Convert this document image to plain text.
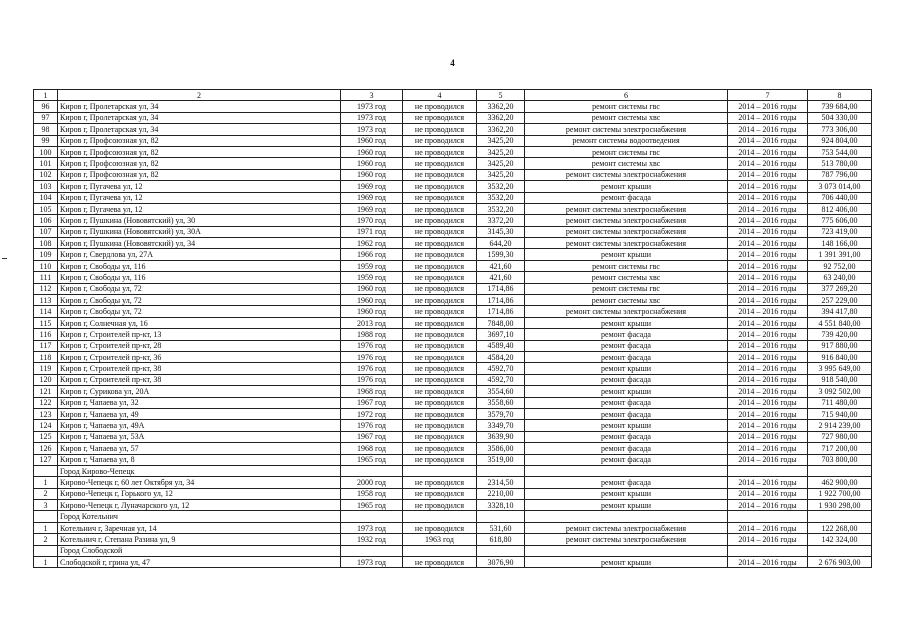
4
1	2	3	4	5	6	7	8
96	Киров г, Пролетарская ул, 34	1973 год	не проводился	3362,20	ремонт системы гвс	2014 – 2016 годы	739 684,00
97	Киров г, Пролетарская ул, 34	1973 год	не проводился	3362,20	ремонт системы хвс	2014 – 2016 годы	504 330,00
98	Киров г, Пролетарская ул, 34	1973 год	не проводился	3362,20	ремонт системы электроснабжения	2014 – 2016 годы	773 306,00
99	Киров г, Профсоюзная ул, 82	1960 год	не проводился	3425,20	ремонт системы водоотведения	2014 – 2016 годы	924 804,00
100	Киров г, Профсоюзная ул, 82	1960 год	не проводился	3425,20	ремонт системы гвс	2014 – 2016 годы	753 544,00
101	Киров г, Профсоюзная ул, 82	1960 год	не проводился	3425,20	ремонт системы хвс	2014 – 2016 годы	513 780,00
102	Киров г, Профсоюзная ул, 82	1960 год	не проводился	3425,20	ремонт системы электроснабжения	2014 – 2016 годы	787 796,00
103	Киров г, Пугачева ул, 12	1969 год	не проводился	3532,20	ремонт крыши	2014 – 2016 годы	3 073 014,00
104	Киров г, Пугачева ул, 12	1969 год	не проводился	3532,20	ремонт фасада	2014 – 2016 годы	706 440,00
105	Киров г, Пугачева ул, 12	1969 год	не проводился	3532,20	ремонт системы электроснабжения	2014 – 2016 годы	812 406,00
106	Киров г, Пушкина (Нововятский) ул, 30	1970 год	не проводился	3372,20	ремонт системы электроснабжения	2014 – 2016 годы	775 606,00
107	Киров г, Пушкина (Нововятский) ул, 30А	1971 год	не проводился	3145,30	ремонт системы электроснабжения	2014 – 2016 годы	723 419,00
108	Киров г, Пушкина (Нововятский) ул, 34	1962 год	не проводился	644,20	ремонт системы электроснабжения	2014 – 2016 годы	148 166,00
109	Киров г, Свердлова ул, 27А	1966 год	не проводился	1599,30	ремонт крыши	2014 – 2016 годы	1 391 391,00
110	Киров г, Свободы ул, 116	1959 год	не проводился	421,60	ремонт системы гвс	2014 – 2016 годы	92 752,00
111	Киров г, Свободы ул, 116	1959 год	не проводился	421,60	ремонт системы хвс	2014 – 2016 годы	63 240,00
112	Киров г, Свободы ул, 72	1960 год	не проводился	1714,86	ремонт системы гвс	2014 – 2016 годы	377 269,20
113	Киров г, Свободы ул, 72	1960 год	не проводился	1714,86	ремонт системы хвс	2014 – 2016 годы	257 229,00
114	Киров г, Свободы ул, 72	1960 год	не проводился	1714,86	ремонт системы электроснабжения	2014 – 2016 годы	394 417,80
115	Киров г, Солнечная ул, 16	2013 год	не проводился	7848,00	ремонт крыши	2014 – 2016 годы	4 551 840,00
116	Киров г, Строителей пр-кт, 13	1988 год	не проводился	3697,10	ремонт фасада	2014 – 2016 годы	739 420,00
117	Киров г, Строителей пр-кт, 28	1976 год	не проводился	4589,40	ремонт фасада	2014 – 2016 годы	917 880,00
118	Киров г, Строителей пр-кт, 36	1976 год	не проводился	4584,20	ремонт фасада	2014 – 2016 годы	916 840,00
119	Киров г, Строителей пр-кт, 38	1976 год	не проводился	4592,70	ремонт крыши	2014 – 2016 годы	3 995 649,00
120	Киров г, Строителей пр-кт, 38	1976 год	не проводился	4592,70	ремонт фасада	2014 – 2016 годы	918 540,00
121	Киров г, Сурикова ул, 20А	1968 год	не проводился	3554,60	ремонт крыши	2014 – 2016 годы	3 092 502,00
122	Киров г, Чапаева ул, 32	1967 год	не проводился	3558,60	ремонт фасада	2014 – 2016 годы	711 480,00
123	Киров г, Чапаева ул, 49	1972 год	не проводился	3579,70	ремонт фасада	2014 – 2016 годы	715 940,00
124	Киров г, Чапаева ул, 49А	1976 год	не проводился	3349,70	ремонт крыши	2014 – 2016 годы	2 914 239,00
125	Киров г, Чапаева ул, 53А	1967 год	не проводился	3639,90	ремонт фасада	2014 – 2016 годы	727 980,00
126	Киров г, Чапаева ул, 57	1968 год	не проводился	3586,00	ремонт фасада	2014 – 2016 годы	717 200,00
127	Киров г, Чапаева ул, 8	1965 год	не проводился	3519,00	ремонт фасада	2014 – 2016 годы	703 800,00
	Город Кирово-Чепецк						
1	Кирово-Чепецк г, 60 лет Октября ул, 34	2000 год	не проводился	2314,50	ремонт фасада	2014 – 2016 годы	462 900,00
2	Кирово-Чепецк г, Горького ул, 12	1958 год	не проводился	2210,00	ремонт крыши	2014 – 2016 годы	1 922 700,00
3	Кирово-Чепецк г, Луначарского ул, 12	1965 год	не проводился	3328,10	ремонт крыши	2014 – 2016 годы	1 930 298,00
	Город Котельнич						
1	Котельнич г, Заречная ул, 14	1973 год	не проводился	531,60	ремонт системы электроснабжения	2014 – 2016 годы	122 268,00
2	Котельнич г, Степана Разина ул, 9	1932 год	1963 год	618,80	ремонт системы электроснабжения	2014 – 2016 годы	142 324,00
	Город Слободской						
1	Слободской г, грина ул, 47	1973 год	не проводился	3076,90	ремонт крыши	2014 – 2016 годы	2 676 903,00
